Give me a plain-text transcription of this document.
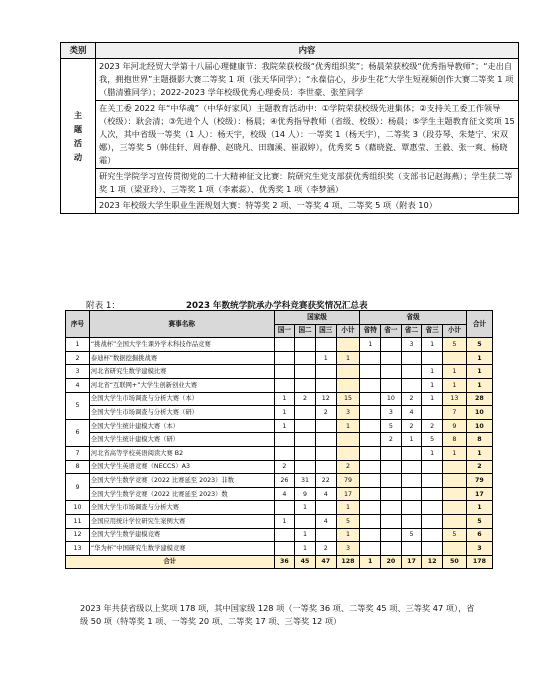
类别	内容
主题活动	2023 年河北经贸大学第十八届心理健康节：我院荣获校级“优秀组织奖”；杨晨荣获校级“优秀指导教师”；“走出自我，拥抱世界”主题摄影大赛二等奖 1 项（张天华同学）；“永葆信心，步步生花”大学生短视频创作大赛二等奖 1 项（腊清雅同学）；2022-2023 学年校级优秀心理委员：李世豪、张笙同学
	在关工委 2022 年“中华魂”（中华好家风）主题教育活动中：①学院荣获校级先进集体；②支持关工委工作领导（校级）：耿会清；③先进个人（校级）：杨晨；④优秀指导教师（省级、校级）：杨晨；⑤学生主题教育征文奖项 15 人次，其中省级一等奖（1 人）：杨天宇，校级（14 人）：一等奖 1（杨天宇），二等奖 3（段芬琴、朱楚宁、宋双娜），三等奖 5（韩佳轩、周春静、赵晓凡、田珈溪、崔淑婷），优秀奖 5（藉晓瓷、覃惠莹、王毅、张一爽、杨晓霜）
	研究生学院学习宣传贯彻党的二十大精神征文比赛：院研究生党支部获优秀组织奖（支部书记赵海燕）；学生获二等奖 1 项（梁亚玲）、三等奖 1 项（李素蕊）、优秀奖 1 项（李梦涵）
	2023 年校级大学生职业生涯规划大赛：特等奖 2 项、一等奖 4 项、二等奖 5 项（附表 10）
附表 1：	2023 年数统学院承办学科竞赛获奖情况汇总表
序号	赛事名称	国家级				省级					合计
		国一	国二	国三	小计	省特	省一	省二	省三	小计	
1	“挑战杯”全国大学生课外学术科技作品竞赛					1		3	1	5	5
2	泰迪杯”数据挖掘挑战赛			1	1						1
3	河北省研究生数学建模比赛								1	1	1
4	河北省“互联网+”大学生创新创业大赛								1	1	1
5	全国大学生市场调查与分析大赛（本）	1	2	12	15		10	2	1	13	28
	全国大学生市场调查与分析大赛（研）	1		2	3		3	4		7	10
6	全国大学生统计建模大赛（本）	1			1		5	2	2	9	10
	全国大学生统计建模大赛（研）						2	1	5	8	8
7	河北省高等学校英语阅读大赛 B2								1	1	1
8	全国大学生英语竞赛（NECCS）A3	2			2						2
9	全国大学生数学竞赛（2022 比赛延至 2023）非数	26	31	22	79						79
	全国大学生数学竞赛（2022 比赛延至 2023）数	4	9	4	17						17
10	全国大学生市场调查与分析大赛		1		1						1
11	全国应用统计学位研究生案例大赛	1		4	5						5
12	全国大学生数学建模竞赛		1		1			5		5	6
13	“华为杯”中国研究生数学建模竞赛		1	2	3						3
合计		36	45	47	128	1	20	17	12	50	178
2023 年共获省级以上奖项 178 项，其中国家级 128 项（一等奖 36 项、二等奖 45 项、三等奖 47 项），省级 50 项（特等奖 1 项、一等奖 20 项、二等奖 17 项、三等奖 12 项）
